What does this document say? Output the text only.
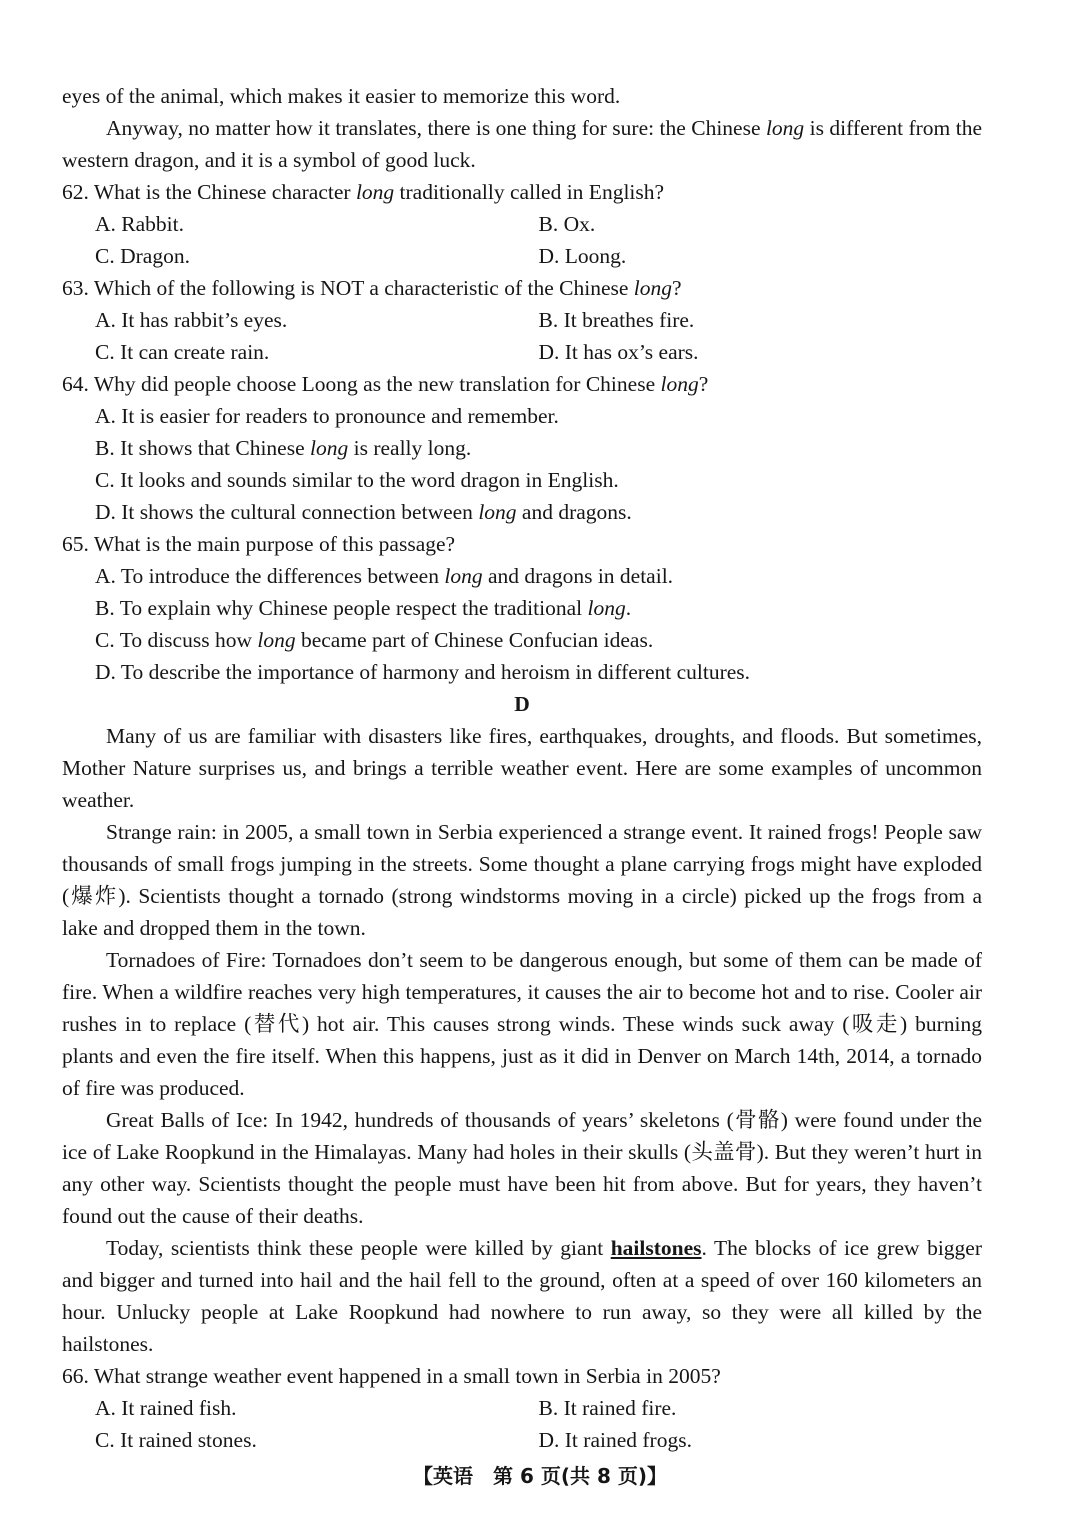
eyes of the animal, which makes it easier to memorize this word.

Anyway, no matter how it translates, there is one thing for sure: the Chinese long is different from the western dragon, and it is a symbol of good luck.

62. What is the Chinese character long traditionally called in English?
A. Rabbit.	B. Ox.
C. Dragon.	D. Loong.
63. Which of the following is NOT a characteristic of the Chinese long?
A. It has rabbit’s eyes.	B. It breathes fire.
C. It can create rain.	D. It has ox’s ears.
64. Why did people choose Loong as the new translation for Chinese long?
A. It is easier for readers to pronounce and remember.
B. It shows that Chinese long is really long.
C. It looks and sounds similar to the word dragon in English.
D. It shows the cultural connection between long and dragons.
65. What is the main purpose of this passage?
A. To introduce the differences between long and dragons in detail.
B. To explain why Chinese people respect the traditional long.
C. To discuss how long became part of Chinese Confucian ideas.
D. To describe the importance of harmony and heroism in different cultures.
D

Many of us are familiar with disasters like fires, earthquakes, droughts, and floods. But sometimes, Mother Nature surprises us, and brings a terrible weather event. Here are some examples of uncommon weather.

Strange rain: in 2005, a small town in Serbia experienced a strange event. It rained frogs! People saw thousands of small frogs jumping in the streets. Some thought a plane carrying frogs might have exploded (爆炸). Scientists thought a tornado (strong windstorms moving in a circle) picked up the frogs from a lake and dropped them in the town.

Tornadoes of Fire: Tornadoes don’t seem to be dangerous enough, but some of them can be made of fire. When a wildfire reaches very high temperatures, it causes the air to become hot and to rise. Cooler air rushes in to replace (替代) hot air. This causes strong winds. These winds suck away (吸走) burning plants and even the fire itself. When this happens, just as it did in Denver on March 14th, 2014, a tornado of fire was produced.

Great Balls of Ice: In 1942, hundreds of thousands of years’ skeletons (骨骼) were found under the ice of Lake Roopkund in the Himalayas. Many had holes in their skulls (头盖骨). But they weren’t hurt in any other way. Scientists thought the people must have been hit from above. But for years, they haven’t found out the cause of their deaths.

Today, scientists think these people were killed by giant hailstones. The blocks of ice grew bigger and bigger and turned into hail and the hail fell to the ground, often at a speed of over 160 kilometers an hour. Unlucky people at Lake Roopkund had nowhere to run away, so they were all killed by the hailstones.

66. What strange weather event happened in a small town in Serbia in 2005?
A. It rained fish.	B. It rained fire.
C. It rained stones.	D. It rained frogs.
【英语　第 6 页(共 8 页)】
